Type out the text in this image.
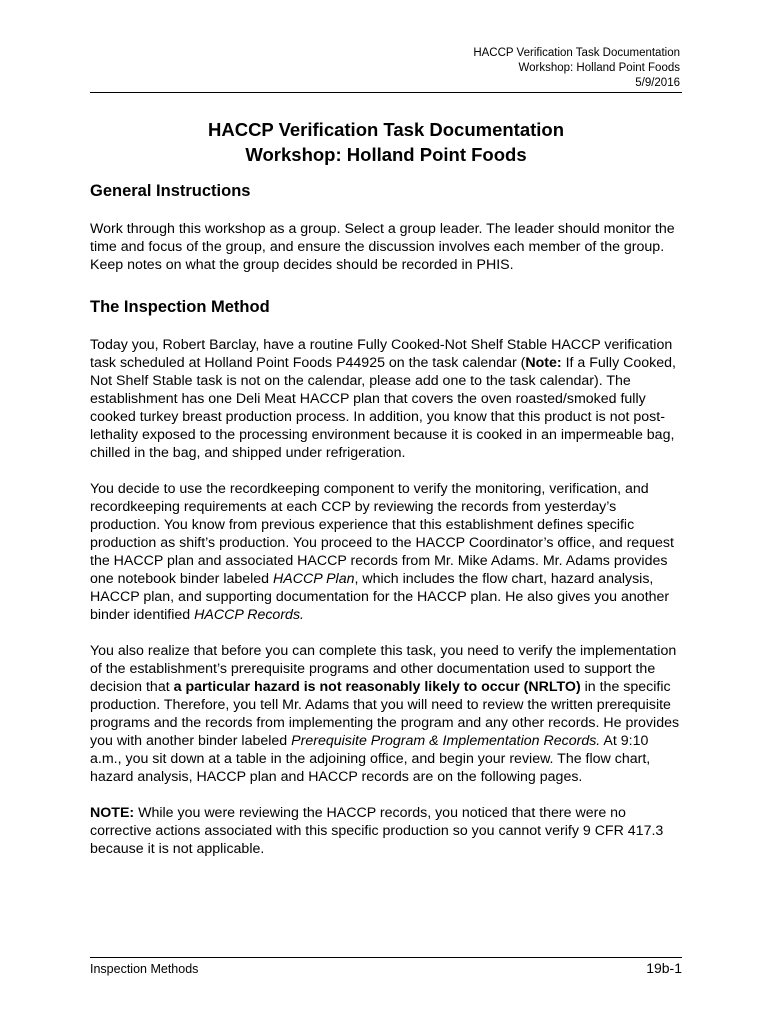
HACCP Verification Task Documentation
Workshop: Holland Point Foods
5/9/2016
HACCP Verification Task Documentation
Workshop: Holland Point Foods
General Instructions

Work through this workshop as a group. Select a group leader. The leader should monitor the time and focus of the group, and ensure the discussion involves each member of the group. Keep notes on what the group decides should be recorded in PHIS.

The Inspection Method

Today you, Robert Barclay, have a routine Fully Cooked-Not Shelf Stable HACCP verification task scheduled at Holland Point Foods P44925 on the task calendar (Note: If a Fully Cooked, Not Shelf Stable task is not on the calendar, please add one to the task calendar). The establishment has one Deli Meat HACCP plan that covers the oven roasted/smoked fully cooked turkey breast production process. In addition, you know that this product is not post-lethality exposed to the processing environment because it is cooked in an impermeable bag, chilled in the bag, and shipped under refrigeration.

You decide to use the recordkeeping component to verify the monitoring, verification, and recordkeeping requirements at each CCP by reviewing the records from yesterday’s production. You know from previous experience that this establishment defines specific production as shift’s production. You proceed to the HACCP Coordinator’s office, and request the HACCP plan and associated HACCP records from Mr. Mike Adams. Mr. Adams provides one notebook binder labeled HACCP Plan, which includes the flow chart, hazard analysis, HACCP plan, and supporting documentation for the HACCP plan. He also gives you another binder identified HACCP Records.

You also realize that before you can complete this task, you need to verify the implementation of the establishment’s prerequisite programs and other documentation used to support the decision that a particular hazard is not reasonably likely to occur (NRLTO) in the specific production. Therefore, you tell Mr. Adams that you will need to review the written prerequisite programs and the records from implementing the program and any other records. He provides you with another binder labeled Prerequisite Program & Implementation Records. At 9:10 a.m., you sit down at a table in the adjoining office, and begin your review. The flow chart, hazard analysis, HACCP plan and HACCP records are on the following pages.

NOTE: While you were reviewing the HACCP records, you noticed that there were no corrective actions associated with this specific production so you cannot verify 9 CFR 417.3 because it is not applicable.

Inspection Methods	19b-1
